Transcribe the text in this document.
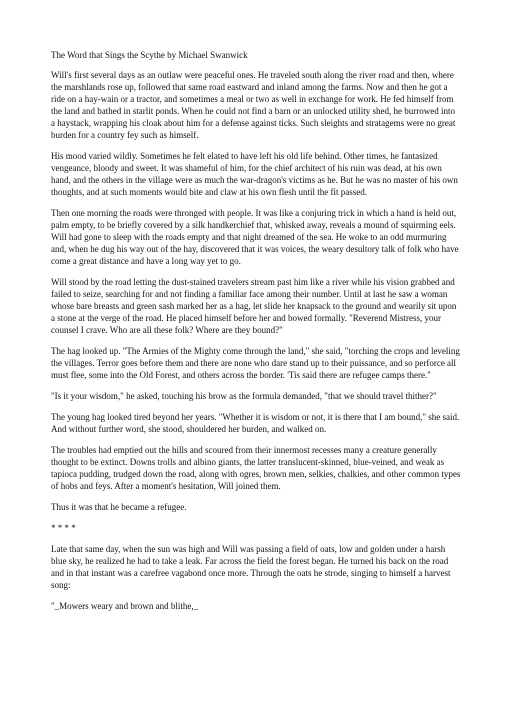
The Word that Sings the Scythe by Michael Swanwick

Will's first several days as an outlaw were peaceful ones. He traveled south along the river road and then, where the marshlands rose up, followed that same road eastward and inland among the farms. Now and then he got a ride on a hay-wain or a tractor, and sometimes a meal or two as well in exchange for work. He fed himself from the land and bathed in starlit ponds. When he could not find a barn or an unlocked utility shed, he burrowed into a haystack, wrapping his cloak about him for a defense against ticks. Such sleights and stratagems were no great burden for a country fey such as himself.

His mood varied wildly. Sometimes he felt elated to have left his old life behind. Other times, he fantasized vengeance, bloody and sweet. It was shameful of him, for the chief architect of his ruin was dead, at his own hand, and the others in the village were as much the war-dragon's victims as he. But he was no master of his own thoughts, and at such moments would bite and claw at his own flesh until the fit passed.

Then one morning the roads were thronged with people. It was like a conjuring trick in which a hand is held out, palm empty, to be briefly covered by a silk handkerchief that, whisked away, reveals a mound of squirming eels. Will had gone to sleep with the roads empty and that night dreamed of the sea. He woke to an odd murmuring and, when he dug his way out of the hay, discovered that it was voices, the weary desultory talk of folk who have come a great distance and have a long way yet to go.

Will stood by the road letting the dust-stained travelers stream past him like a river while his vision grabbed and failed to seize, searching for and not finding a familiar face among their number. Until at last he saw a woman whose bare breasts and green sash marked her as a hag, let slide her knapsack to the ground and wearily sit upon a stone at the verge of the road. He placed himself before her and bowed formally. "Reverend Mistress, your counsel I crave. Who are all these folk? Where are they bound?"

The hag looked up. "The Armies of the Mighty come through the land," she said, "torching the crops and leveling the villages. Terror goes before them and there are none who dare stand up to their puissance, and so perforce all must flee, some into the Old Forest, and others across the border. 'Tis said there are refugee camps there."

"Is it your wisdom," he asked, touching his brow as the formula demanded, "that we should travel thither?"

The young hag looked tired beyond her years. "Whether it is wisdom or not, it is there that I am bound," she said. And without further word, she stood, shouldered her burden, and walked on.

The troubles had emptied out the hills and scoured from their innermost recesses many a creature generally thought to be extinct. Downs trolls and albino giants, the latter translucent-skinned, blue-veined, and weak as tapioca pudding, trudged down the road, along with ogres, brown men, selkies, chalkies, and other common types of hobs and feys. After a moment's hesitation, Will joined them.

Thus it was that he became a refugee.

* * * *

Late that same day, when the sun was high and Will was passing a field of oats, low and golden under a harsh blue sky, he realized he had to take a leak. Far across the field the forest began. He turned his back on the road and in that instant was a carefree vagabond once more. Through the oats he strode, singing to himself a harvest song:

"_Mowers weary and brown and blithe,_
